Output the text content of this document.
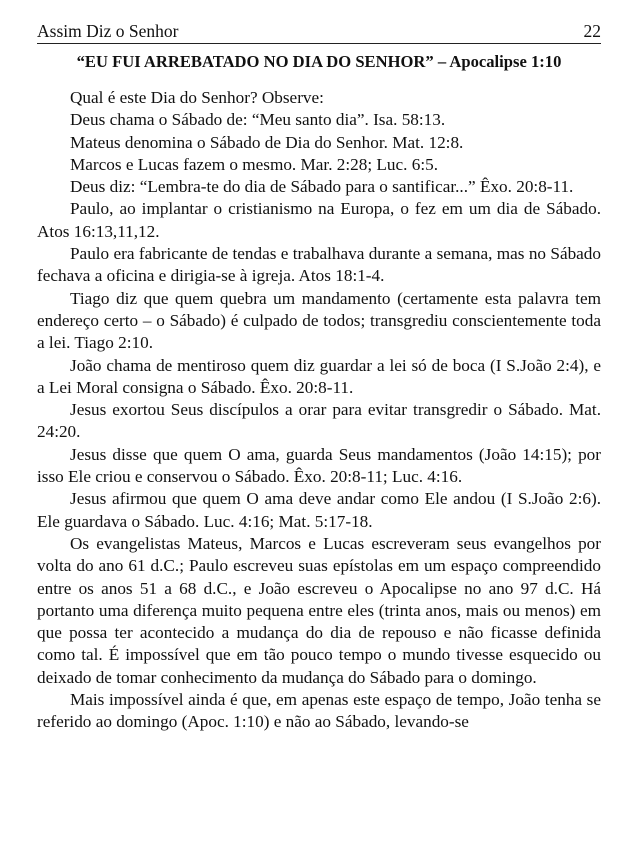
Assim Diz o Senhor	22
“EU FUI ARREBATADO NO DIA DO SENHOR” – Apocalipse 1:10

Qual é este Dia do Senhor? Observe:

Deus chama o Sábado de: “Meu santo dia”. Isa. 58:13.

Mateus denomina o Sábado de Dia do Senhor. Mat. 12:8.

Marcos e Lucas fazem o mesmo. Mar. 2:28; Luc. 6:5.

Deus diz: “Lembra-te do dia de Sábado para o santificar...” Êxo. 20:8-11.

Paulo, ao implantar o cristianismo na Europa, o fez em um dia de Sábado. Atos 16:13,11,12.

Paulo era fabricante de tendas e trabalhava durante a semana, mas no Sábado fechava a oficina e dirigia-se à igreja. Atos 18:1-4.

Tiago diz que quem quebra um mandamento (certamente esta palavra tem endereço certo – o Sábado) é culpado de todos; transgrediu conscientemente toda a lei. Tiago 2:10.

João chama de mentiroso quem diz guardar a lei só de boca (I S.João 2:4), e a Lei Moral consigna o Sábado. Êxo. 20:8-11.

Jesus exortou Seus discípulos a orar para evitar transgredir o Sábado. Mat. 24:20.

Jesus disse que quem O ama, guarda Seus mandamentos (João 14:15); por isso Ele criou e conservou o Sábado. Êxo. 20:8-11; Luc. 4:16.

Jesus afirmou que quem O ama deve andar como Ele andou (I S.João 2:6). Ele guardava o Sábado. Luc. 4:16; Mat. 5:17-18.

Os evangelistas Mateus, Marcos e Lucas escreveram seus evangelhos por volta do ano 61 d.C.; Paulo escreveu suas epístolas em um espaço compreendido entre os anos 51 a 68 d.C., e João escreveu o Apocalipse no ano 97 d.C. Há portanto uma diferença muito pequena entre eles (trinta anos, mais ou menos) em que possa ter acontecido a mudança do dia de repouso e não ficasse definida como tal. É impossível que em tão pouco tempo o mundo tivesse esquecido ou deixado de tomar conhecimento da mudança do Sábado para o domingo.

Mais impossível ainda é que, em apenas este espaço de tempo, João tenha se referido ao domingo (Apoc. 1:10) e não ao Sábado, levando-se
